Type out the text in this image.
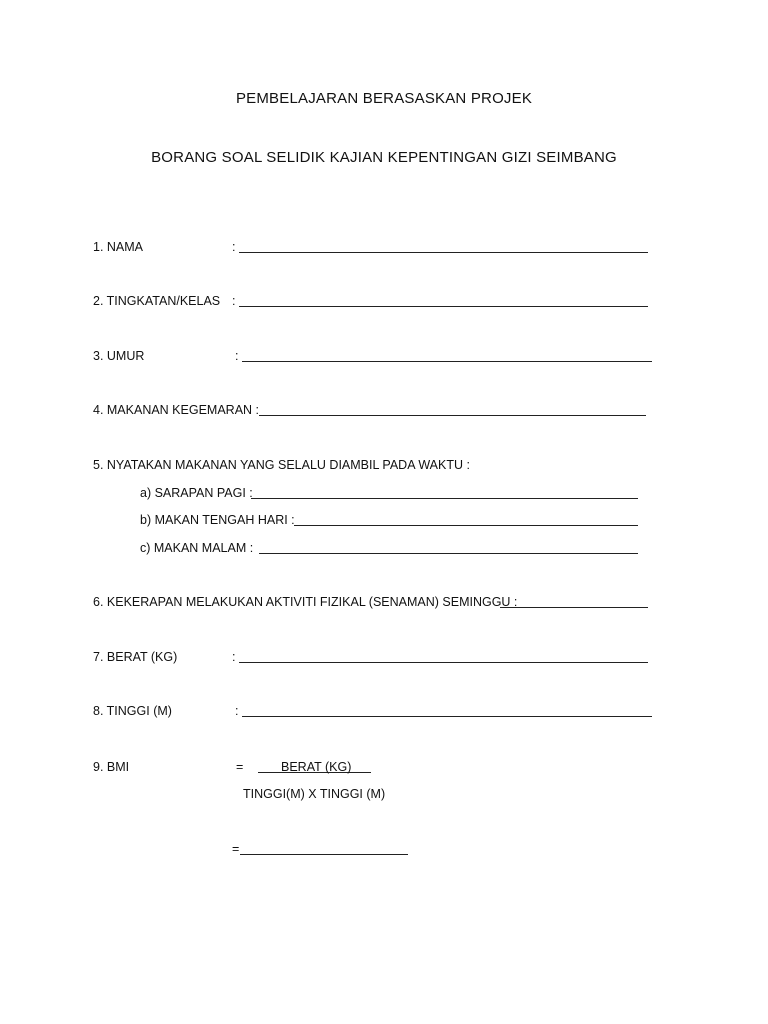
PEMBELAJARAN BERASASKAN PROJEK
BORANG SOAL SELIDIK KAJIAN KEPENTINGAN GIZI SEIMBANG
1. NAMA	:
2. TINGKATAN/KELAS :
3. UMUR	:
4. MAKANAN KEGEMARAN :
5. NYATAKAN MAKANAN YANG SELALU DIAMBIL PADA WAKTU :
a) SARAPAN PAGI :
b) MAKAN TENGAH HARI :
c) MAKAN MALAM :
6. KEKERAPAN MELAKUKAN AKTIVITI FIZIKAL (SENAMAN) SEMINGGU :
7. BERAT (KG)	:
8. TINGGI (M)	:
9. BMI	=	BERAT (KG)
TINGGI(M) X TINGGI (M)
=
